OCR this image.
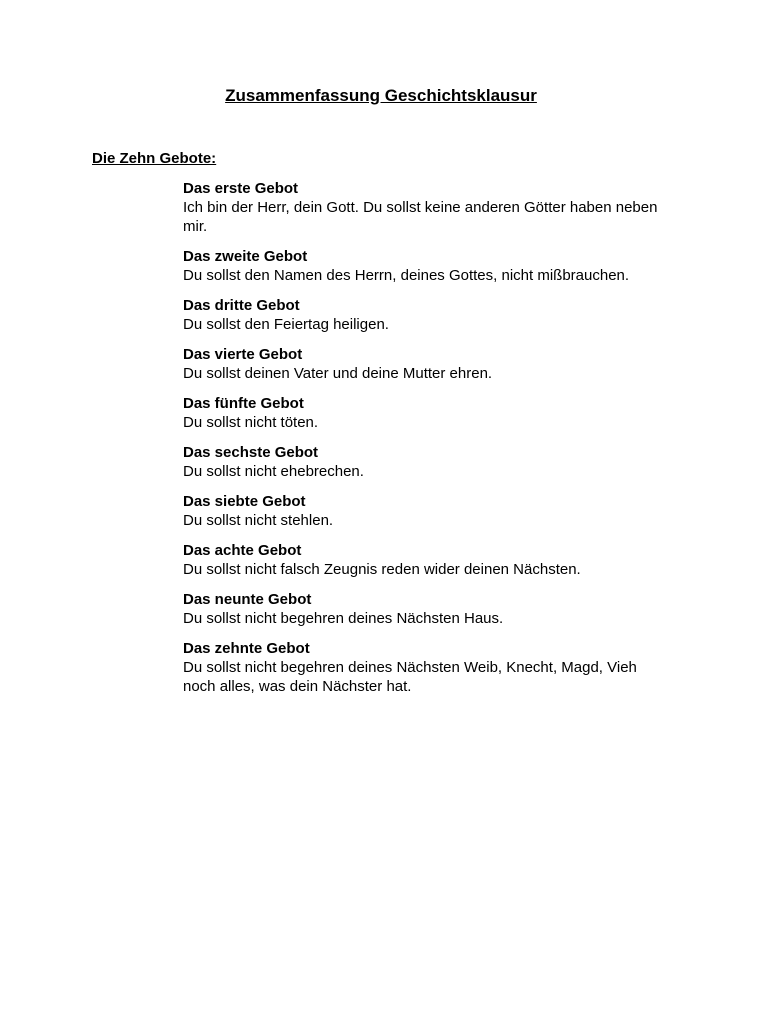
Zusammenfassung Geschichtsklausur
Die Zehn Gebote:
Das erste Gebot
Ich bin der Herr, dein Gott. Du sollst keine anderen Götter haben neben mir.
Das zweite Gebot
Du sollst den Namen des Herrn, deines Gottes, nicht mißbrauchen.
Das dritte Gebot
Du sollst den Feiertag heiligen.
Das vierte Gebot
Du sollst deinen Vater und deine Mutter ehren.
Das fünfte Gebot
Du sollst nicht töten.
Das sechste Gebot
Du sollst nicht ehebrechen.
Das siebte Gebot
Du sollst nicht stehlen.
Das achte Gebot
Du sollst nicht falsch Zeugnis reden wider deinen Nächsten.
Das neunte Gebot
Du sollst nicht begehren deines Nächsten Haus.
Das zehnte Gebot
Du sollst nicht begehren deines Nächsten Weib, Knecht, Magd, Vieh noch alles, was dein Nächster hat.
